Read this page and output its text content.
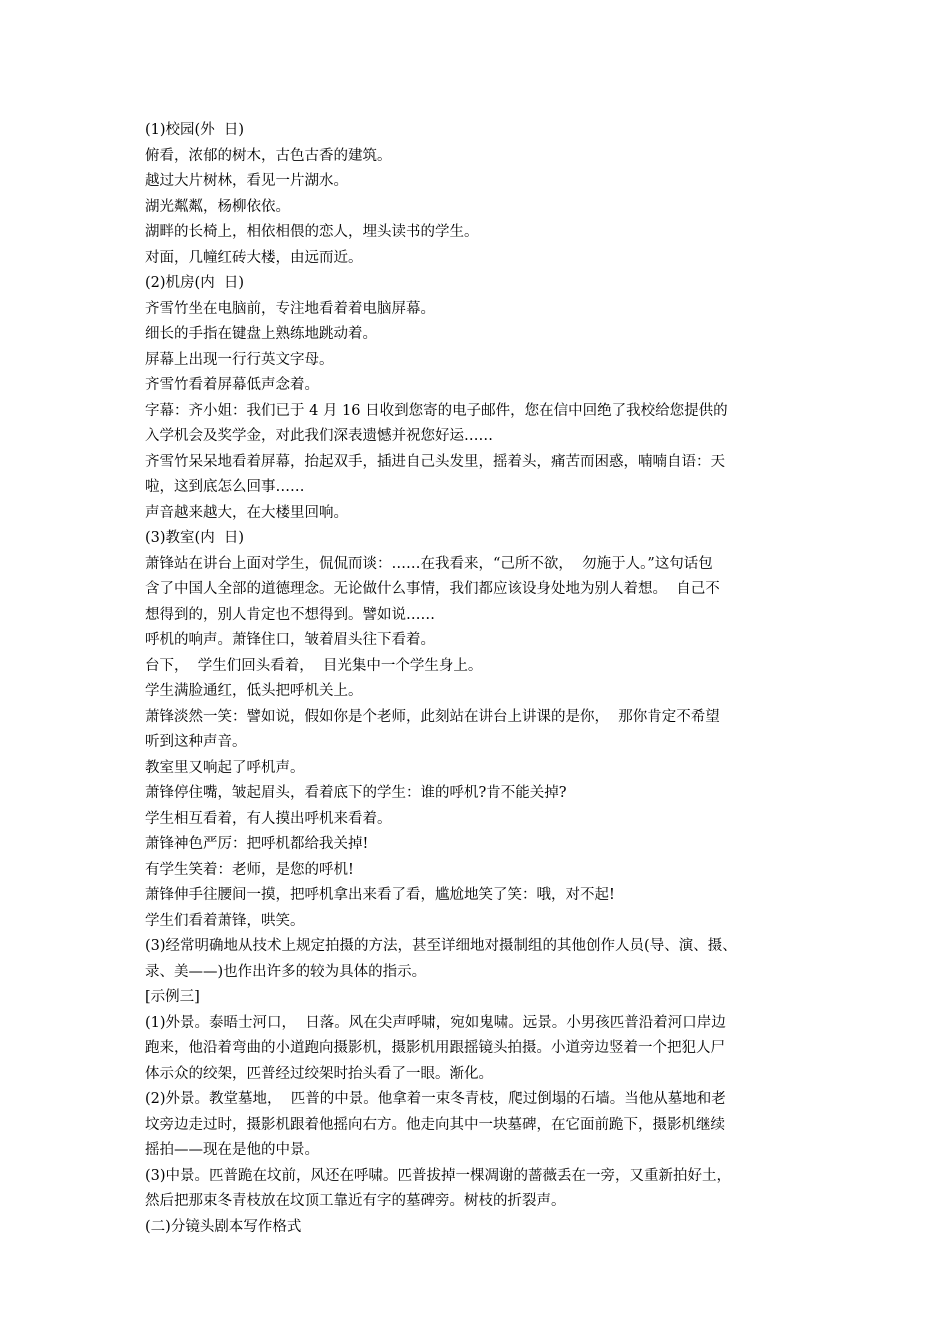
(1)校园(外  日)

俯看，浓郁的树木，古色古香的建筑。

越过大片树林，看见一片湖水。

湖光粼粼，杨柳依依。

湖畔的长椅上，相依相偎的恋人，埋头读书的学生。

对面，几幢红砖大楼，由远而近。

(2)机房(内  日)

齐雪竹坐在电脑前，专注地看着着电脑屏幕。

细长的手指在键盘上熟练地跳动着。

屏幕上出现一行行英文字母。

齐雪竹看着屏幕低声念着。

字幕：齐小姐：我们已于 4 月 16 日收到您寄的电子邮件，您在信中回绝了我校给您提供的

入学机会及奖学金，对此我们深表遗憾并祝您好运……

齐雪竹呆呆地看着屏幕，抬起双手，插进自己头发里，摇着头，痛苦而困惑，喃喃自语：天

啦，这到底怎么回事……

声音越来越大，在大楼里回响。

(3)教室(内  日)

萧锋站在讲台上面对学生，侃侃而谈：……在我看来，“己所不欲，  勿施于人。”这句话包

含了中国人全部的道德理念。无论做什么事情，我们都应该设身处地为别人着想。  自己不

想得到的，别人肯定也不想得到。譬如说……

呼机的响声。萧锋住口，皱着眉头往下看着。

台下，  学生们回头看着，  目光集中一个学生身上。

学生满脸通红，低头把呼机关上。

萧锋淡然一笑：譬如说，假如你是个老师，此刻站在讲台上讲课的是你，  那你肯定不希望

听到这种声音。

教室里又响起了呼机声。

萧锋停住嘴，皱起眉头，看着底下的学生：谁的呼机?肯不能关掉?

学生相互看着，有人摸出呼机来看着。

萧锋神色严厉：把呼机都给我关掉!

有学生笑着：老师，是您的呼机!

萧锋伸手往腰间一摸，把呼机拿出来看了看，尴尬地笑了笑：哦，对不起!

学生们看着萧锋，哄笑。

(3)经常明确地从技术上规定拍摄的方法，甚至详细地对摄制组的其他创作人员(导、演、摄、

录、美——)也作出许多的较为具体的指示。

[示例三]

(1)外景。泰晤士河口，  日落。风在尖声呼啸，宛如鬼啸。远景。小男孩匹普沿着河口岸边

跑来，他沿着弯曲的小道跑向摄影机，摄影机用跟摇镜头拍摄。小道旁边竖着一个把犯人尸

体示众的绞架，匹普经过绞架时抬头看了一眼。渐化。

(2)外景。教堂墓地，  匹普的中景。他拿着一束冬青枝，爬过倒塌的石墙。当他从墓地和老

坟旁边走过时，摄影机跟着他摇向右方。他走向其中一块墓碑，在它面前跪下，摄影机继续

摇拍——现在是他的中景。

(3)中景。匹普跪在坟前，风还在呼啸。匹普拔掉一棵凋谢的蔷薇丢在一旁，又重新拍好土，

然后把那束冬青枝放在坟顶工靠近有字的墓碑旁。树枝的折裂声。

(二)分镜头剧本写作格式
